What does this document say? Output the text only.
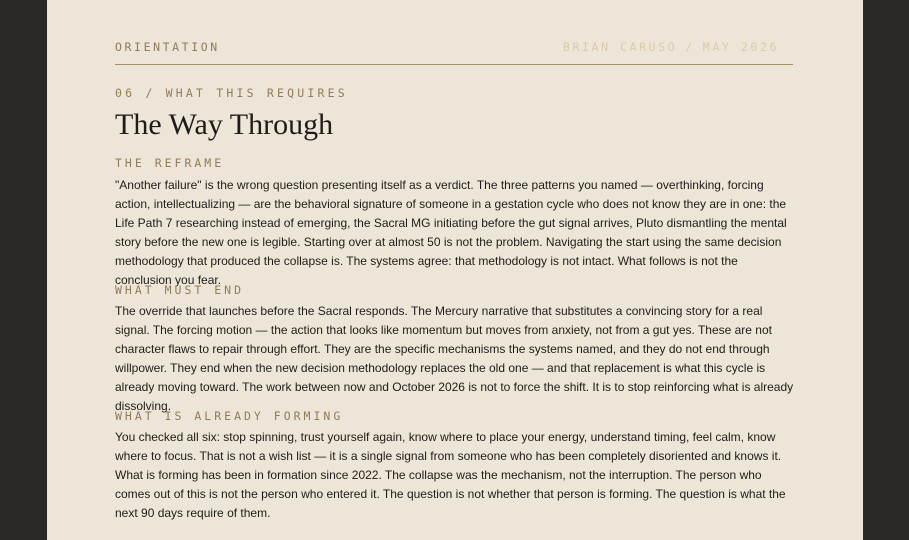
ORIENTATION	BRIAN CARUSO / MAY 2026
06 / WHAT THIS REQUIRES
The Way Through
THE REFRAME

"Another failure" is the wrong question presenting itself as a verdict. The three patterns you named — overthinking, forcing action, intellectualizing — are the behavioral signature of someone in a gestation cycle who does not know they are in one: the Life Path 7 researching instead of emerging, the Sacral MG initiating before the gut signal arrives, Pluto dismantling the mental story before the new one is legible. Starting over at almost 50 is not the problem. Navigating the start using the same decision methodology that produced the collapse is. The systems agree: that methodology is not intact. What follows is not the conclusion you fear.

WHAT MUST END

The override that launches before the Sacral responds. The Mercury narrative that substitutes a convincing story for a real signal. The forcing motion — the action that looks like momentum but moves from anxiety, not from a gut yes. These are not character flaws to repair through effort. They are the specific mechanisms the systems named, and they do not end through willpower. They end when the new decision methodology replaces the old one — and that replacement is what this cycle is already moving toward. The work between now and October 2026 is not to force the shift. It is to stop reinforcing what is already dissolving.

WHAT IS ALREADY FORMING

You checked all six: stop spinning, trust yourself again, know where to place your energy, understand timing, feel calm, know where to focus. That is not a wish list — it is a single signal from someone who has been completely disoriented and knows it. What is forming has been in formation since 2022. The collapse was the mechanism, not the interruption. The person who comes out of this is not the person who entered it. The question is not whether that person is forming. The question is what the next 90 days require of them.
